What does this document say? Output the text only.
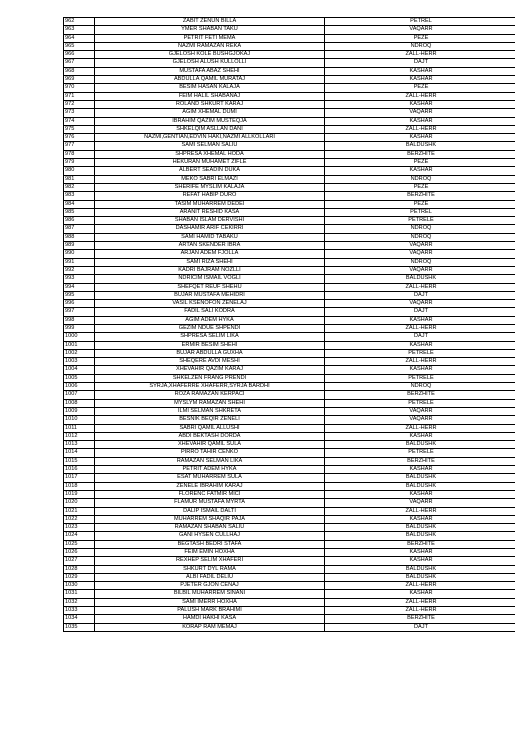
962	ZABIT ZENUN BILLA	PETREL
963	YMER SHABAN TAKU	VAQARR
964	PETRIT FETI MEMA	PEZE
965	NAZMI RAMAZAN REKA	NDROQ
966	GJELOSH KOLE BUSHGJOKAJ	ZALL-HERR
967	GJELOSH ALUSH KULLOLLI	DAJT
968	MUSTAFA ABAZ SHEHI	KASHAR
969	ABDULLA QAMIL MURATAJ	KASHAR
970	BESIM HASAN KALAJA	PEZE
971	FEIM HALIL SHABANAJ	ZALL-HERR
972	ROLAND SHKURT KARAJ	KASHAR
973	AGIM XHEMAL DUMI	VAQARR
974	IBRAHIM QAZIM MUSTEQJA	KASHAR
975	SHKELQIM ASLLAN DANI	ZALL-HERR
976	NAZMI,GENTIAN,EDVIN HAKI,NAZMI ALLKOLLARI	KASHAR
977	SAMI SELMAN SALIU	BALDUSHK
978	SHPRESA XHEMAL HODA	BERZHITE
979	HEKURAN MUHAMET ZIFLE	PEZE
980	ALBERT SEADIN DUKA	KASHAR
981	MEKO SABRI ELMAZI	NDROQ
982	SHERIFE MYSLIM KALAJA	PEZE
983	REFAT HABIP DURO	BERZHITE
984	TASIM MUHARREM DEDEI	PEZE
985	ARANIT RESHID KASA	PETREL
986	SHABAN ISLAM DERVISHI	PETRELE
987	DASHAMIR ARIF CEKIRRI	NDROQ
988	SAMI HAMID TABAKU	NDROQ
989	ARTAN SKENDER IBRA	VAQARR
990	ARJAN ADEM FJOLLA	VAQARR
991	SAMI RIZA SHEHI	NDROQ
992	KADRI BAJRAM NOZLLI	VAQARR
993	NDRICIM ISMAIL VOGLI	BALDUSHK
994	SHEFQET REUF SHEHU	ZALL-HERR
995	BUJAR MUSTAFA MEHIDRI	DAJT
996	VASIL KSENOFON ZENELAJ	VAQARR
997	FADIL SALI KODRA	DAJT
998	AGIM ADEM HYKA	KASHAR
999	GEZIM NDUE SHPENDI	ZALL-HERR
1000	SHPRESA SELIM LIKA	DAJT
1001	ERMIR BESIM SHEHI	KASHAR
1002	BUJAR ABDULLA GUXHA	PETRELE
1003	SHEQERE AVDI MESHI	ZALL-HERR
1004	XHEVAHIR QAZIM KARAJ	KASHAR
1005	SHKELZEN FRANG PRENDI	PETRELE
1006	SYRJA,XHAFERRE XHAFERR,SYRJA BARDHI	NDROQ
1007	ROZA RAMAZAN KERPACI	BERZHITE
1008	MYSLYM RAMAZAN SHEHI	PETRELE
1009	ILMI SELMAN SHKRETA	VAQARR
1010	BESNIK BEQIR ZENELI	VAQARR
1011	SABRI QAMIL ALLUSHI	ZALL-HERR
1012	ABDI BEKTASH DORDA	KASHAR
1013	XHEVAHIR QAMIL SULA	BALDUSHK
1014	PIRRO TAHIR CENKO	PETRELE
1015	RAMAZAN SELMAN LIKA	BERZHITE
1016	PETRIT ADEM HYKA	KASHAR
1017	ESAT MUHARREM SULA	BALDUSHK
1018	ZENELE IBRAHIM KARAJ	BALDUSHK
1019	FLORENC FATMIR MICI	KASHAR
1020	FLAMUR MUSTAFA MYRTA	VAQARR
1021	DALIP ISMAIL DALTI	ZALL-HERR
1022	MUHARREM SHAQIR PAJA	KASHAR
1023	RAMAZAN SHABAN SALIU	BALDUSHK
1024	GANI HYSEN CULLHAJ	BALDUSHK
1025	BEGTASH BEDRI STAFA	BERZHITE
1026	FEIM EMIN HOXHA	KASHAR
1027	REXHEP SELIM XHAFERI	KASHAR
1028	SHKURT DYL RAMA	BALDUSHK
1029	ALBI FADIL DELIU	BALDUSHK
1030	PJETER GJON CENAJ	ZALL-HERR
1031	BILBIL MUHARREM SINANI	KASHAR
1032	SAMI IMERR HOXHA	ZALL-HERR
1033	PALUSH MARK BRAHIMI	ZALL-HERR
1034	HAMDI HAKHI KASA	BERZHITE
1035	KORAP RAM MEMAJ	DAJT
